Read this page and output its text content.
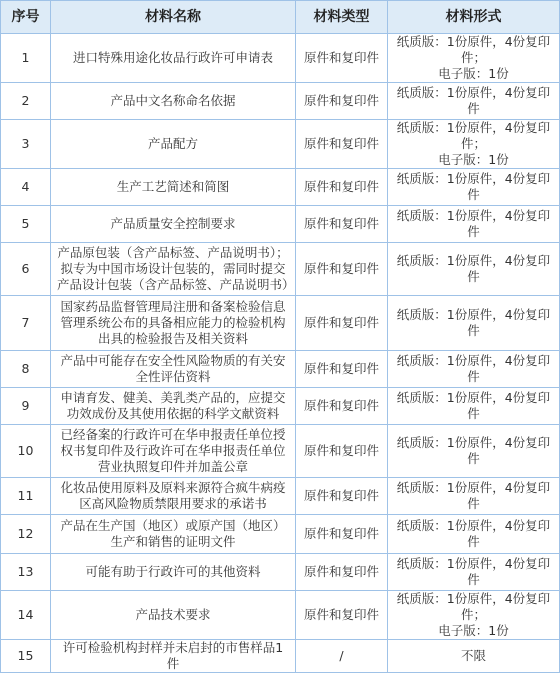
序号	材料名称	材料类型	材料形式
1	进口特殊用途化妆品行政许可申请表	原件和复印件	纸质版：1份原件，4份复印件；
电子版：1份

2	产品中文名称命名依据	原件和复印件	纸质版：1份原件，4份复印件

3	产品配方	原件和复印件	纸质版：1份原件，4份复印件；
电子版：1份

4	生产工艺简述和简图	原件和复印件	纸质版：1份原件，4份复印件

5	产品质量安全控制要求	原件和复印件	纸质版：1份原件，4份复印件

6	产品原包装（含产品标签、产品说明书）；拟专为中国市场设计包装的，需同时提交产品设计包装（含产品标签、产品说明书）	原件和复印件	纸质版：1份原件，4份复印件

7	国家药品监督管理局注册和备案检验信息管理系统公布的具备相应能力的检验机构出具的检验报告及相关资料	原件和复印件	纸质版：1份原件，4份复印件

8	产品中可能存在安全性风险物质的有关安全性评估资料	原件和复印件	纸质版：1份原件，4份复印件

9	申请育发、健美、美乳类产品的，应提交功效成份及其使用依据的科学文献资料	原件和复印件	纸质版：1份原件，4份复印件

10	已经备案的行政许可在华申报责任单位授权书复印件及行政许可在华申报责任单位营业执照复印件并加盖公章	原件和复印件	纸质版：1份原件，4份复印件

11	化妆品使用原料及原料来源符合疯牛病疫区高风险物质禁限用要求的承诺书	原件和复印件	纸质版：1份原件，4份复印件

12	产品在生产国（地区）或原产国（地区）生产和销售的证明文件	原件和复印件	纸质版：1份原件，4份复印件

13	可能有助于行政许可的其他资料	原件和复印件	纸质版：1份原件，4份复印件

14	产品技术要求	原件和复印件	纸质版：1份原件，4份复印件；
电子版：1份

15	许可检验机构封样并未启封的市售样品1件	/	不限
